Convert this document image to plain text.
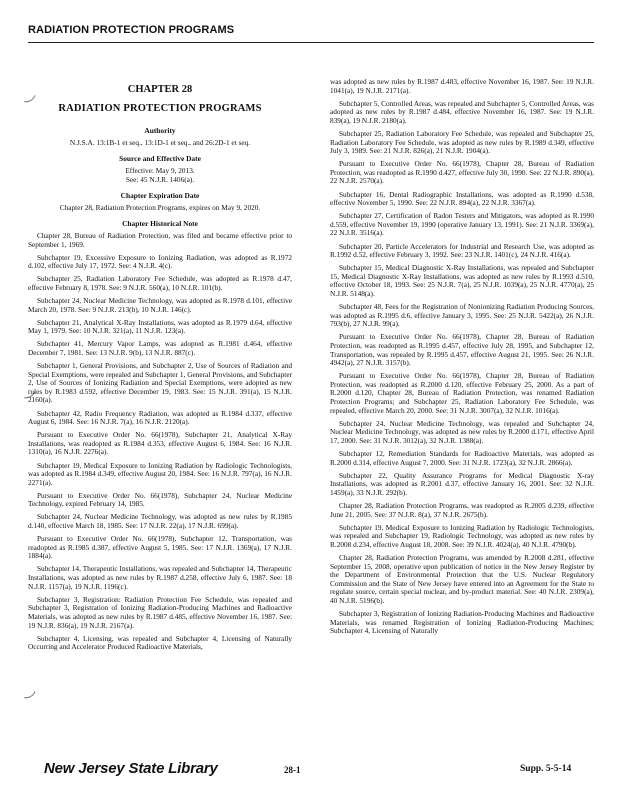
RADIATION PROTECTION PROGRAMS
CHAPTER 28
RADIATION PROTECTION PROGRAMS
Authority

N.J.S.A. 13:1B-1 et seq., 13:1D-1 et seq., and 26:2D-1 et seq.

Source and Effective Date

Effective: May 9, 2013.

See: 45 N.J.R. 1406(a).

Chapter Expiration Date

Chapter 28, Radiation Protection Programs, expires on May 9, 2020.

Chapter Historical Note

Chapter 28, Bureau of Radiation Protection, was filed and became effective prior to September 1, 1969.

Subchapter 19, Excessive Exposure to Ionizing Radiation, was adopted as R.1972 d.102, effective July 17, 1972. See: 4 N.J.R. 4(c).

Subchapter 25, Radiation Laboratory Fee Schedule, was adopted as R.1978 d.47, effective February 8, 1978. See: 9 N.J.R. 560(a), 10 N.J.R. 101(b).

Subchapter 24, Nuclear Medicine Technology, was adopted as R.1978 d.101, effective March 20, 1978. See: 9 N.J.R. 213(b), 10 N.J.R. 146(c).

Subchapter 21, Analytical X-Ray Installations, was adopted as R.1979 d.64, effective May 1, 1979. See: 10 N.J.R. 321(a), 11 N.J.R. 123(a).

Subchapter 41, Mercury Vapor Lamps, was adopted as R.1981 d.464, effective December 7, 1981. See: 13 N.J.R. 9(b), 13 N.J.R. 887(c).

Subchapter 1, General Provisions, and Subchapter 2, Use of Sources of Radiation and Special Exemptions, were repealed and Subchapter 1, General Provisions, and Subchapter 2, Use of Sources of Ionizing Radiation and Special Exemptions, were adopted as new rules by R.1983 d.592, effective December 19, 1983. See: 15 N.J.R. 391(a), 15 N.J.R. 2160(a).

Subchapter 42, Radio Frequency Radiation, was adopted as R.1984 d.337, effective August 6, 1984. See: 16 N.J.R. 7(a), 16 N.J.R. 2120(a).

Pursuant to Executive Order No. 66(1978), Subchapter 21, Analytical X-Ray Installations, was readopted as R.1984 d.353, effective August 6, 1984. See: 16 N.J.R. 1310(a), 16 N.J.R. 2276(a).

Subchapter 19, Medical Exposure to Ionizing Radiation by Radiologic Technologists, was adopted as R.1984 d.349, effective August 20, 1984. See: 16 N.J.R. 797(a), 16 N.J.R. 2271(a).

Pursuant to Executive Order No. 66(1978), Subchapter 24, Nuclear Medicine Technology, expired February 14, 1985.

Subchapter 24, Nuclear Medicine Technology, was adopted as new rules by R.1985 d.140, effective March 18, 1985. See: 17 N.J.R. 22(a), 17 N.J.R. 699(a).

Pursuant to Executive Order No. 66(1978), Subchapter 12, Transportation, was readopted as R.1985 d.387, effective August 5, 1985. See: 17 N.J.R. 1369(a), 17 N.J.R. 1884(a).

Subchapter 14, Therapeutic Installations, was repealed and Subchapter 14, Therapeutic Installations, was adopted as new rules by R.1987 d.258, effective July 6, 1987. See: 18 N.J.R. 1157(a), 19 N.J.R. 1196(c).

Subchapter 3, Registration: Radiation Protection Fee Schedule, was repealed and Subchapter 3, Registration of Ionizing Radiation-Producing Machines and Radioactive Materials, was adopted as new rules by R.1987 d.485, effective November 16, 1987. See: 19 N.J.R. 836(a), 19 N.J.R. 2167(a).

Subchapter 4, Licensing, was repealed and Subchapter 4, Licensing of Naturally Occurring and Accelerator Produced Radioactive Materials,

was adopted as new rules by R.1987 d.483, effective November 16, 1987. See: 19 N.J.R. 1041(a), 19 N.J.R. 2171(a).

Subchapter 5, Controlled Areas, was repealed and Subchapter 5, Controlled Areas, was adopted as new rules by R.1987 d.484, effective November 16, 1987. See: 19 N.J.R. 839(a), 19 N.J.R. 2180(a).

Subchapter 25, Radiation Laboratory Fee Schedule, was repealed and Subchapter 25, Radiation Laboratory Fee Schedule, was adopted as new rules by R.1989 d.349, effective July 3, 1989. See: 21 N.J.R. 826(a), 21 N.J.R. 1904(a).

Pursuant to Executive Order No. 66(1978), Chapter 28, Bureau of Radiation Protection, was readopted as R.1990 d.427, effective July 30, 1990. See: 22 N.J.R. 890(a), 22 N.J.R. 2570(a).

Subchapter 16, Dental Radiographic Installations, was adopted as R.1990 d.538, effective November 5, 1990. See: 22 N.J.R. 894(a), 22 N.J.R. 3367(a).

Subchapter 27, Certification of Radon Testers and Mitigators, was adopted as R.1990 d.559, effective November 19, 1990 (operative January 13, 1991). See: 21 N.J.R. 3369(a), 22 N.J.R. 3516(a).

Subchapter 20, Particle Accelerators for Industrial and Research Use, was adopted as R.1992 d.52, effective February 3, 1992. See: 23 N.J.R. 1401(c), 24 N.J.R. 416(a).

Subchapter 15, Medical Diagnostic X-Ray Installations, was repealed and Subchapter 15, Medical Diagnostic X-Ray Installations, was adopted as new rules by R.1993 d.510, effective October 18, 1993. See: 25 N.J.R. 7(a), 25 N.J.R. 1039(a), 25 N.J.R. 4770(a), 25 N.J.R. 5148(a).

Subchapter 48, Fees for the Registration of Nonionizing Radiation Producing Sources, was adopted as R.1995 d.6, effective January 3, 1995. See: 25 N.J.R. 5422(a), 26 N.J.R. 793(b), 27 N.J.R. 99(a).

Pursuant to Executive Order No. 66(1978), Chapter 28, Bureau of Radiation Protection, was readopted as R.1995 d.457, effective July 28, 1995, and Subchapter 12, Transportation, was repealed by R.1995 d.457, effective August 21, 1995. See: 26 N.J.R. 4942(a), 27 N.J.R. 3157(b).

Pursuant to Executive Order No. 66(1978), Chapter 28, Bureau of Radiation Protection, was readopted as R.2000 d.120, effective February 25, 2000. As a part of R.2000 d.120, Chapter 28, Bureau of Radiation Protection, was renamed Radiation Protection Programs; and Subchapter 25, Radiation Laboratory Fee Schedule, was repealed, effective March 20, 2000. See: 31 N.J.R. 3007(a), 32 N.J.R. 1016(a).

Subchapter 24, Nuclear Medicine Technology, was repealed and Subchapter 24, Nuclear Medicine Technology, was adopted as new rules by R.2000 d.171, effective April 17, 2000. See: 31 N.J.R. 3012(a), 32 N.J.R. 1388(a).

Subchapter 12, Remediation Standards for Radioactive Materials, was adopted as R.2000 d.314, effective August 7, 2000. See: 31 N.J.R. 1723(a), 32 N.J.R. 2866(a).

Subchapter 22, Quality Assurance Programs for Medical Diagnostic X-ray Installations, was adopted as R.2001 d.37, effective January 16, 2001. See: 32 N.J.R. 1459(a), 33 N.J.R. 292(b).

Chapter 28, Radiation Protection Programs, was readopted as R.2005 d.239, effective June 21, 2005. See: 37 N.J.R. 8(a), 37 N.J.R. 2675(b).

Subchapter 19, Medical Exposure to Ionizing Radiation by Radiologic Technologists, was repealed and Subchapter 19, Radiologic Technology, was adopted as new rules by R.2008 d.234, effective August 18, 2008. See: 39 N.J.R. 4024(a), 40 N.J.R. 4790(b).

Chapter 28, Radiation Protection Programs, was amended by R.2008 d.281, effective September 15, 2008, operative upon publication of notice in the New Jersey Register by the Department of Environmental Protection that the U.S. Nuclear Regulatory Commission and the State of New Jersey have entered into an Agreement for the State to regulate source, certain special nuclear, and by-product material. See: 40 N.J.R. 2309(a), 40 N.J.R. 5196(b).

Subchapter 3, Registration of Ionizing Radiation-Producing Machines and Radioactive Materials, was renamed Registration of Ionizing Radiation-Producing Machines; Subchapter 4, Licensing of Naturally

New Jersey State Library	28-1	Supp. 5-5-14
